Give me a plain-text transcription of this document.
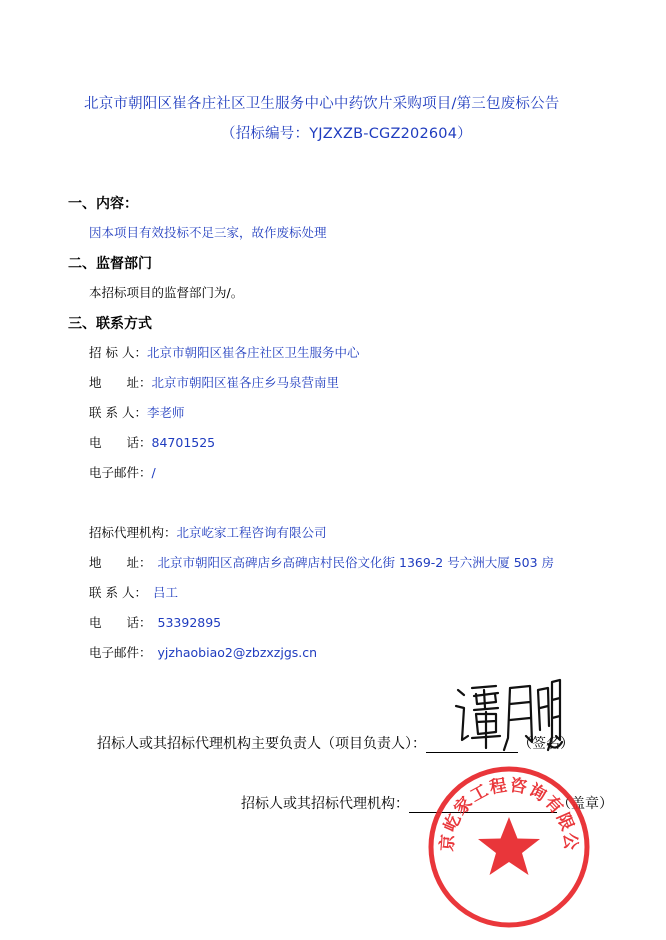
北京市朝阳区崔各庄社区卫生服务中心中药饮片采购项目/第三包废标公告
（招标编号：YJZXZB-CGZ202604）
一、内容：
因本项目有效投标不足三家，故作废标处理
二、监督部门
本招标项目的监督部门为/。
三、联系方式
招 标 人：北京市朝阳区崔各庄社区卫生服务中心
地　　址：北京市朝阳区崔各庄乡马泉营南里
联 系 人：李老师
电　　话：84701525
电子邮件：/
招标代理机构：北京屹家工程咨询有限公司
地　　址： 北京市朝阳区高碑店乡高碑店村民俗文化街 1369-2 号六洲大厦 503 房
联 系 人： 吕工
电　　话： 53392895
电子邮件： yjzhaobiao2@zbzxzjgs.cn
招标人或其招标代理机构主要负责人（项目负责人）：	（签名）
招标人或其招标代理机构：	（盖章）
北京屹家工程咨询有限公司
